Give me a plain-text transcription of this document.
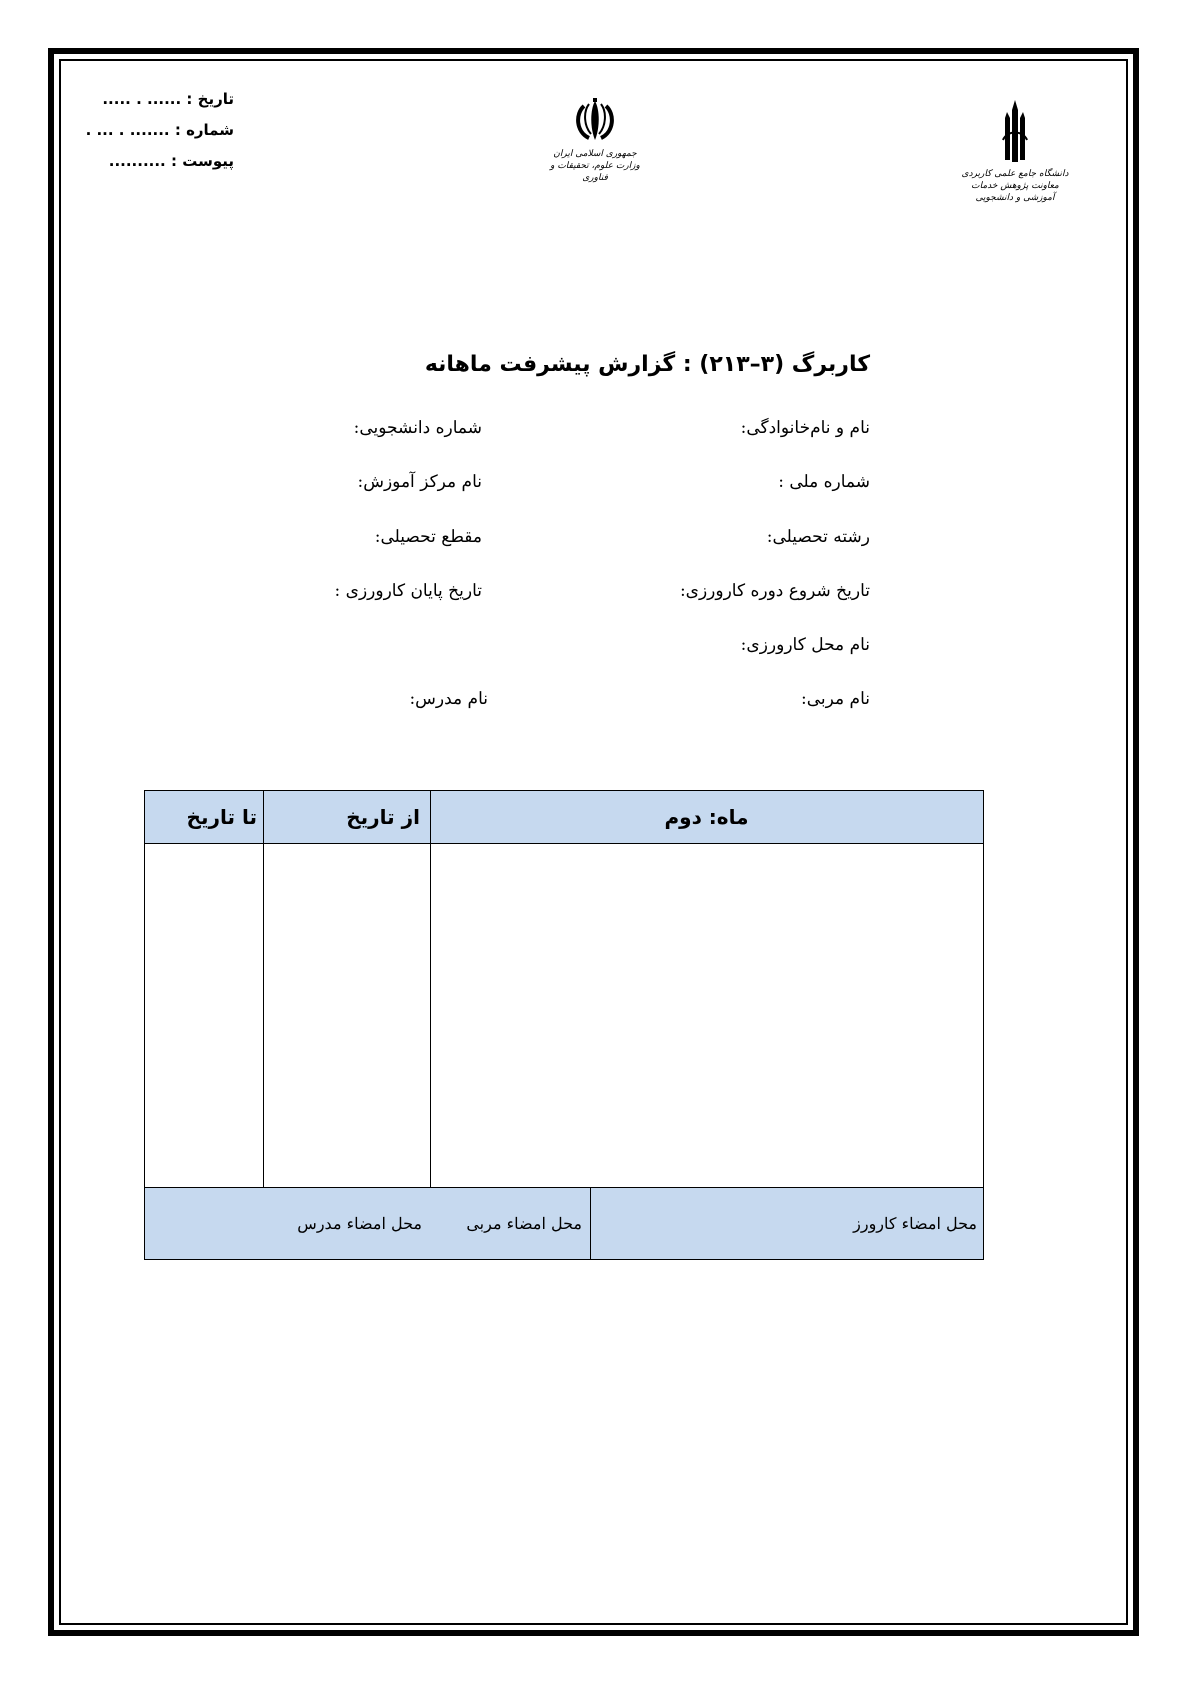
تاریخ : ...... . .....
شماره : ....... . ... .
پیوست : ..........	جمهوری اسلامی ایران
وزارت علوم، تحقیقات و فناوری	دانشگاه جامع علمی کاربردی
معاونت پژوهش خدمات آموزشی و دانشجویی
کاربرگ (۳–۲۱۳) : گزارش پیشرفت ماهانه
نام و نام‌خانوادگی:
شماره دانشجویی:
شماره ملی :
نام مرکز آموزش:
رشته تحصیلی:
مقطع تحصیلی:
تاریخ شروع دوره کارورزی:
تاریخ پایان کارورزی :
نام محل کارورزی:
نام مربی:
نام مدرس:
ماه: دوم
از تاریخ
تا تاریخ
محل امضاء کارورز
محل امضاء مربی
محل امضاء مدرس
